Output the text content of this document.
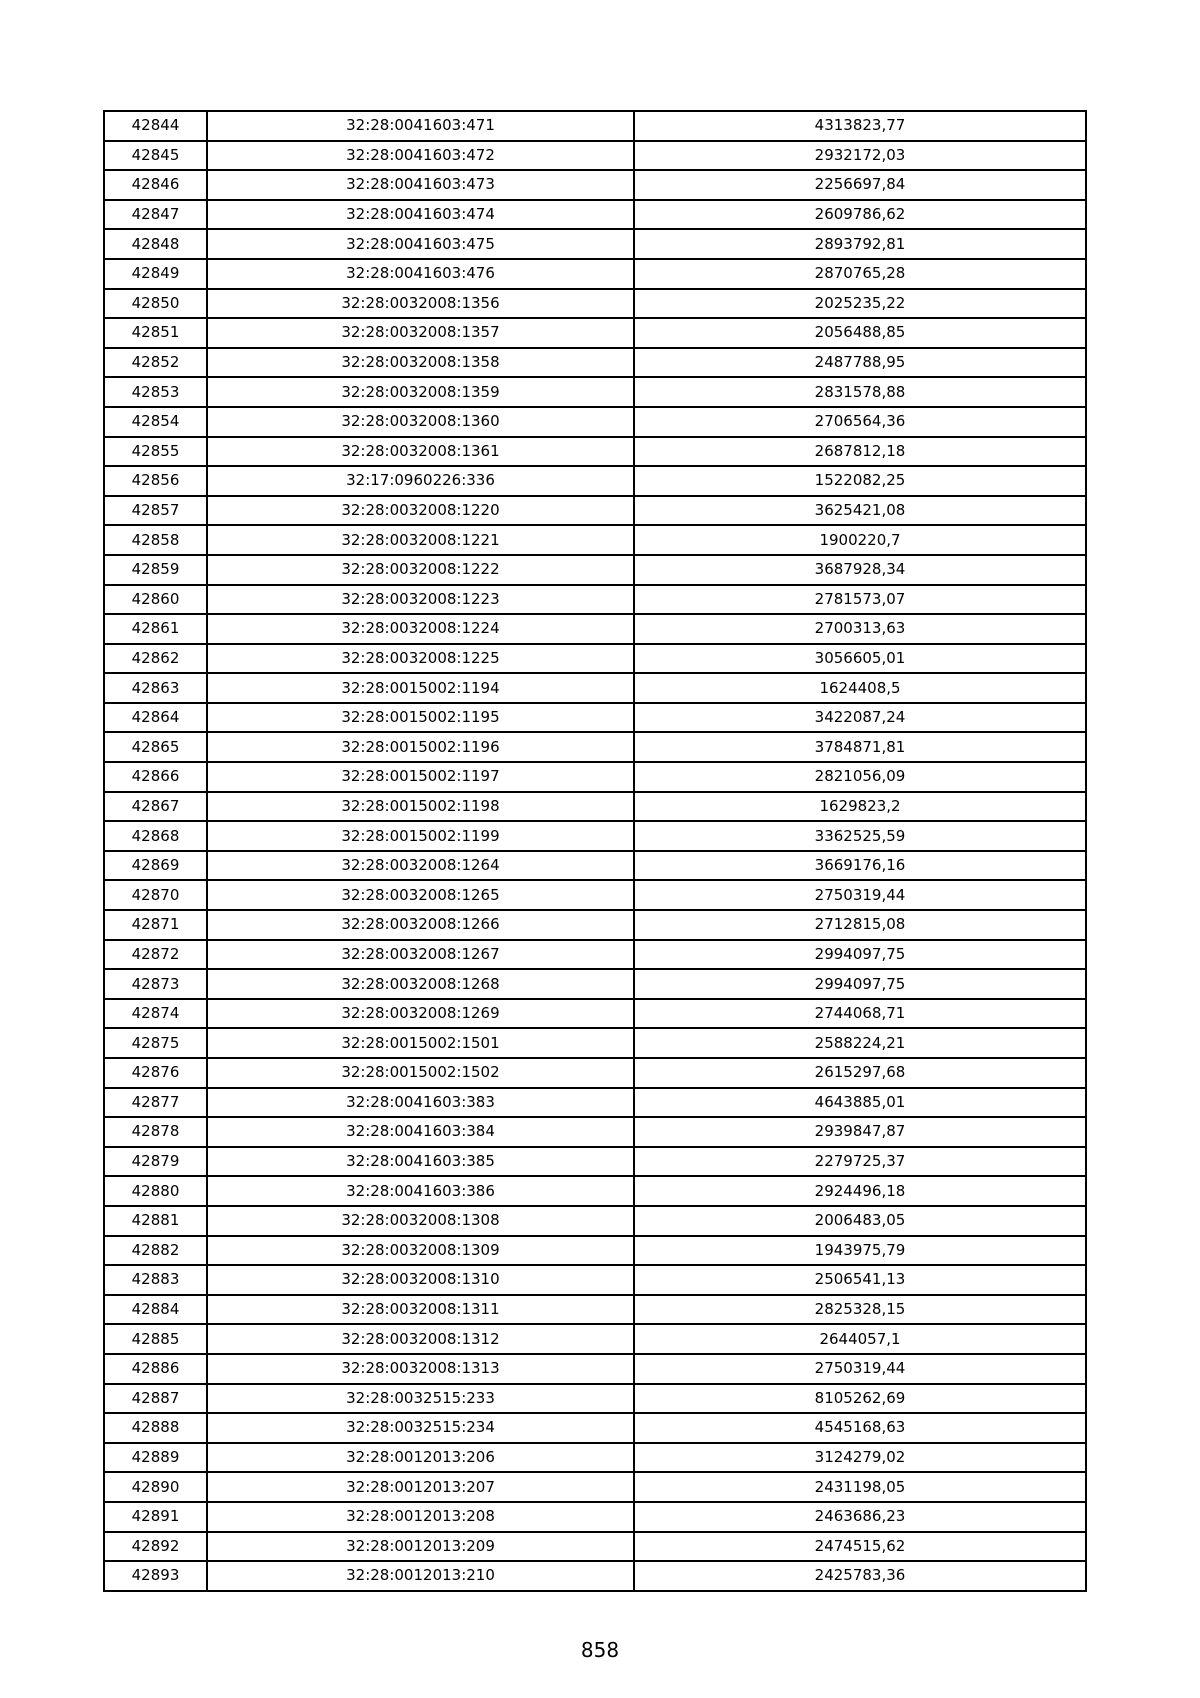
42844	32:28:0041603:471	4313823,77
42845	32:28:0041603:472	2932172,03
42846	32:28:0041603:473	2256697,84
42847	32:28:0041603:474	2609786,62
42848	32:28:0041603:475	2893792,81
42849	32:28:0041603:476	2870765,28
42850	32:28:0032008:1356	2025235,22
42851	32:28:0032008:1357	2056488,85
42852	32:28:0032008:1358	2487788,95
42853	32:28:0032008:1359	2831578,88
42854	32:28:0032008:1360	2706564,36
42855	32:28:0032008:1361	2687812,18
42856	32:17:0960226:336	1522082,25
42857	32:28:0032008:1220	3625421,08
42858	32:28:0032008:1221	1900220,7
42859	32:28:0032008:1222	3687928,34
42860	32:28:0032008:1223	2781573,07
42861	32:28:0032008:1224	2700313,63
42862	32:28:0032008:1225	3056605,01
42863	32:28:0015002:1194	1624408,5
42864	32:28:0015002:1195	3422087,24
42865	32:28:0015002:1196	3784871,81
42866	32:28:0015002:1197	2821056,09
42867	32:28:0015002:1198	1629823,2
42868	32:28:0015002:1199	3362525,59
42869	32:28:0032008:1264	3669176,16
42870	32:28:0032008:1265	2750319,44
42871	32:28:0032008:1266	2712815,08
42872	32:28:0032008:1267	2994097,75
42873	32:28:0032008:1268	2994097,75
42874	32:28:0032008:1269	2744068,71
42875	32:28:0015002:1501	2588224,21
42876	32:28:0015002:1502	2615297,68
42877	32:28:0041603:383	4643885,01
42878	32:28:0041603:384	2939847,87
42879	32:28:0041603:385	2279725,37
42880	32:28:0041603:386	2924496,18
42881	32:28:0032008:1308	2006483,05
42882	32:28:0032008:1309	1943975,79
42883	32:28:0032008:1310	2506541,13
42884	32:28:0032008:1311	2825328,15
42885	32:28:0032008:1312	2644057,1
42886	32:28:0032008:1313	2750319,44
42887	32:28:0032515:233	8105262,69
42888	32:28:0032515:234	4545168,63
42889	32:28:0012013:206	3124279,02
42890	32:28:0012013:207	2431198,05
42891	32:28:0012013:208	2463686,23
42892	32:28:0012013:209	2474515,62
42893	32:28:0012013:210	2425783,36
858
